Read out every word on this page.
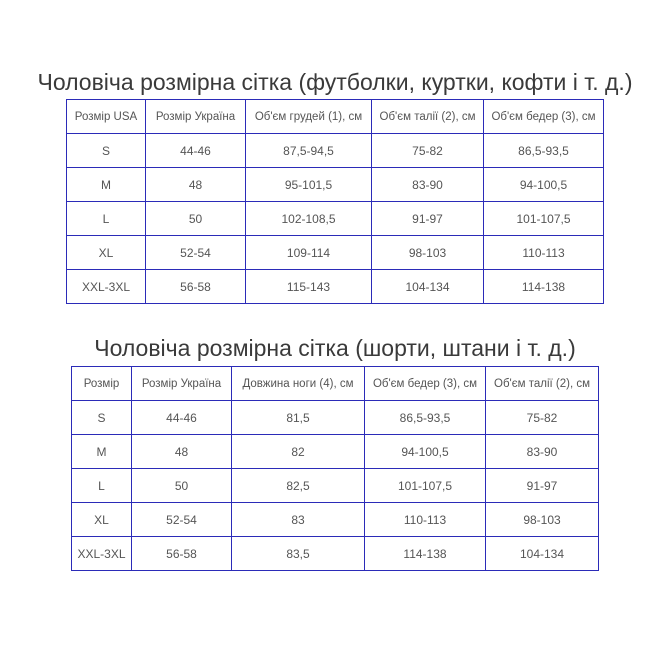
Чоловіча розмірна сітка (футболки, куртки, кофти і т. д.)
Розмір USA	Розмір Україна	Об'єм грудей (1), см	Об'єм талії (2), см	Об'єм бедер (3), см
S	44-46	87,5-94,5	75-82	86,5-93,5
M	48	95-101,5	83-90	94-100,5
L	50	102-108,5	91-97	101-107,5
XL	52-54	109-114	98-103	110-113
XXL-3XL	56-58	115-143	104-134	114-138
Чоловіча розмірна сітка (шорти, штани і т. д.)
Розмір	Розмір Україна	Довжина ноги (4), см	Об'єм бедер (3), см	Об'єм талії (2), см
S	44-46	81,5	86,5-93,5	75-82
M	48	82	94-100,5	83-90
L	50	82,5	101-107,5	91-97
XL	52-54	83	110-113	98-103
XXL-3XL	56-58	83,5	114-138	104-134
